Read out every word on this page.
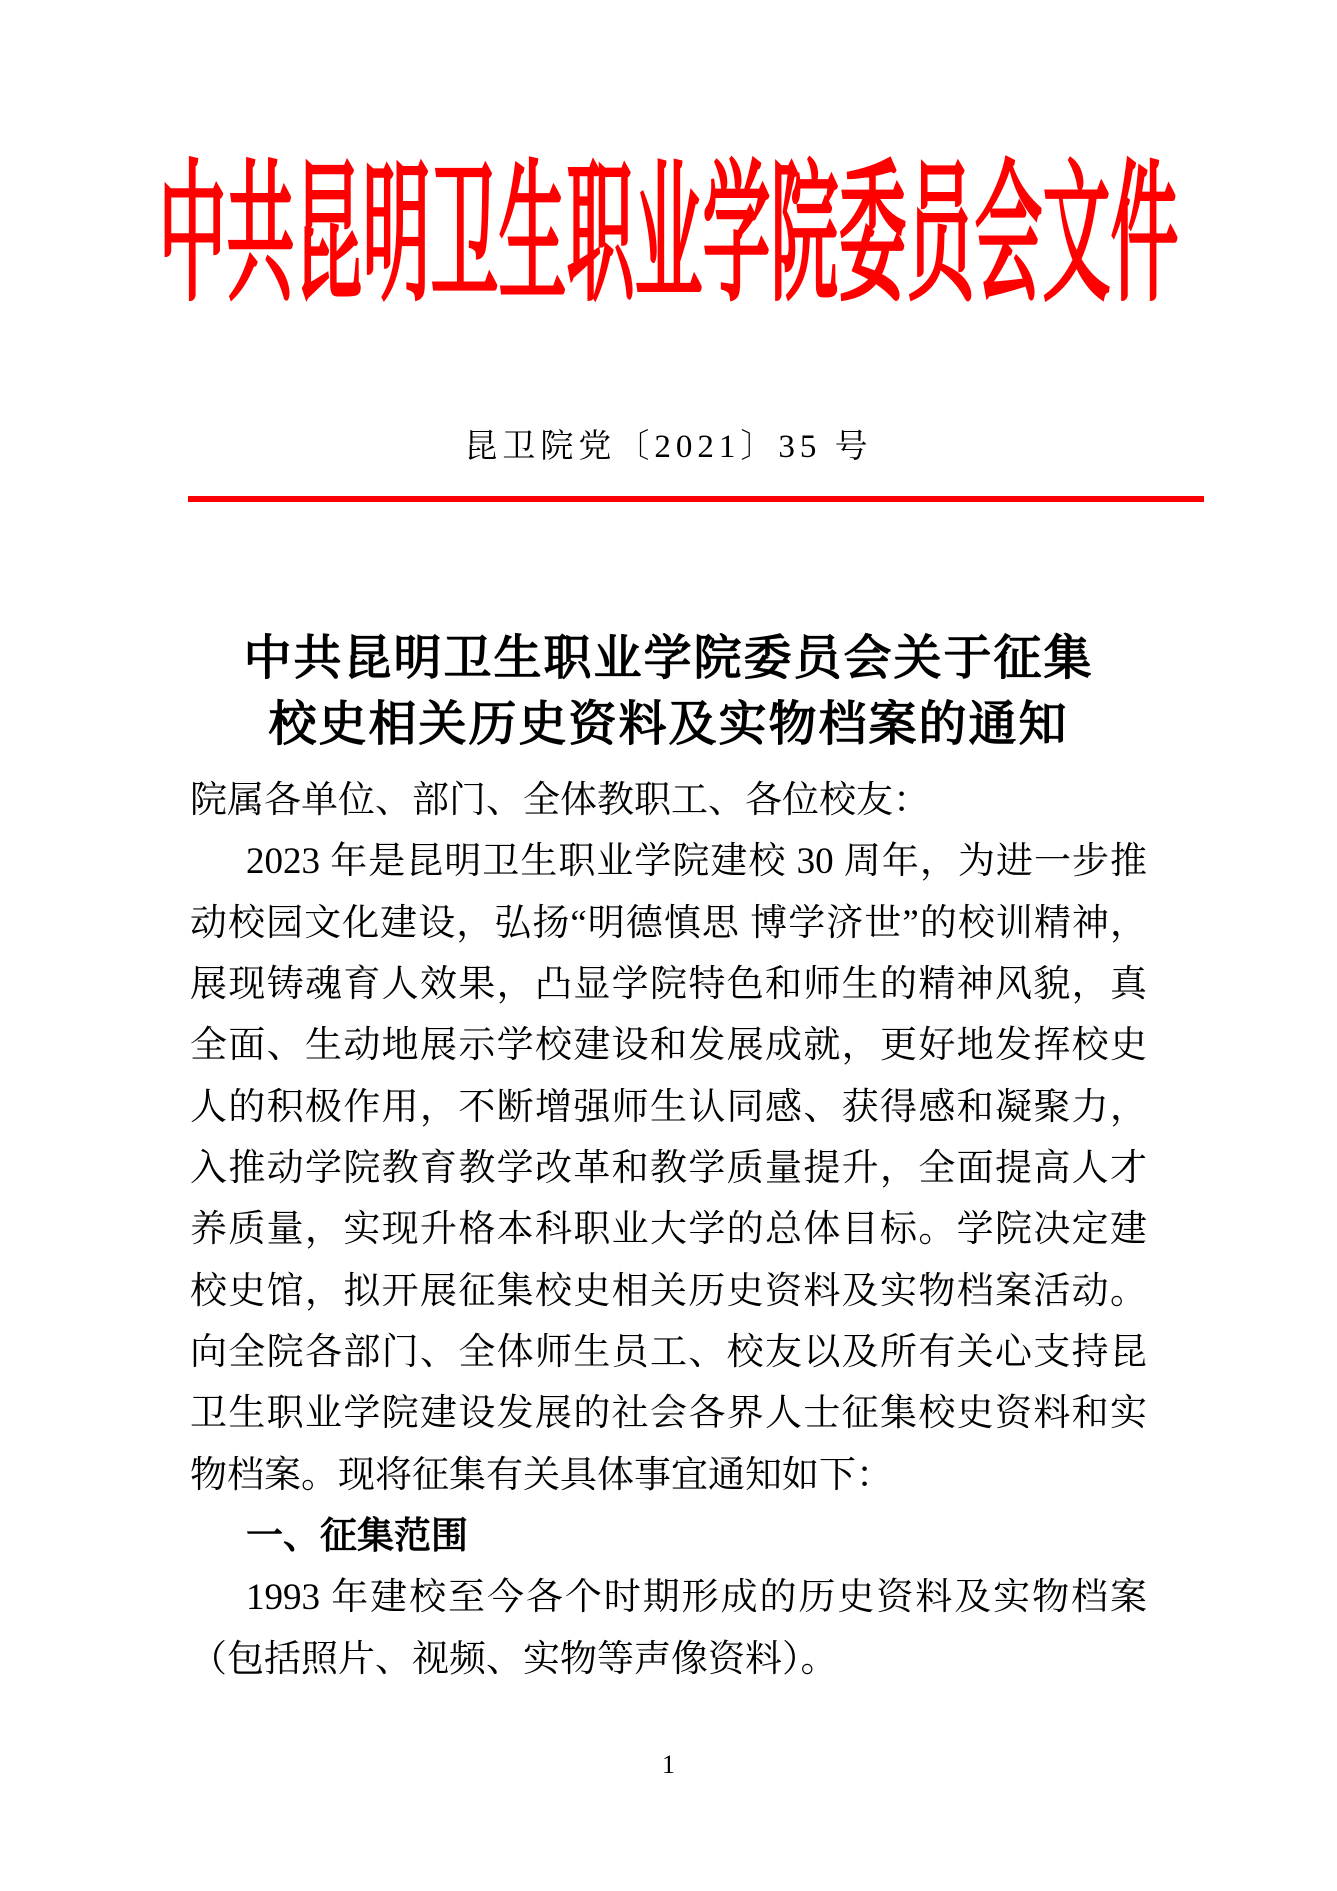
中共昆明卫生职业学院委员会文件
昆卫院党〔2021〕35 号
中共昆明卫生职业学院委员会关于征集
校史相关历史资料及实物档案的通知
院属各单位、部门、全体教职工、各位校友：
2023 年是昆明卫生职业学院建校 30 周年，为进一步推
动校园文化建设，弘扬“明德慎思 博学济世”的校训精神，
展现铸魂育人效果，凸显学院特色和师生的精神风貌，真
全面、生动地展示学校建设和发展成就，更好地发挥校史
人的积极作用，不断增强师生认同感、获得感和凝聚力，
入推动学院教育教学改革和教学质量提升，全面提高人才
养质量，实现升格本科职业大学的总体目标。学院决定建
校史馆，拟开展征集校史相关历史资料及实物档案活动。
向全院各部门、全体师生员工、校友以及所有关心支持昆
卫生职业学院建设发展的社会各界人士征集校史资料和实
物档案。现将征集有关具体事宜通知如下：
一、征集范围
1993 年建校至今各个时期形成的历史资料及实物档案
（包括照片、视频、实物等声像资料）。
1
